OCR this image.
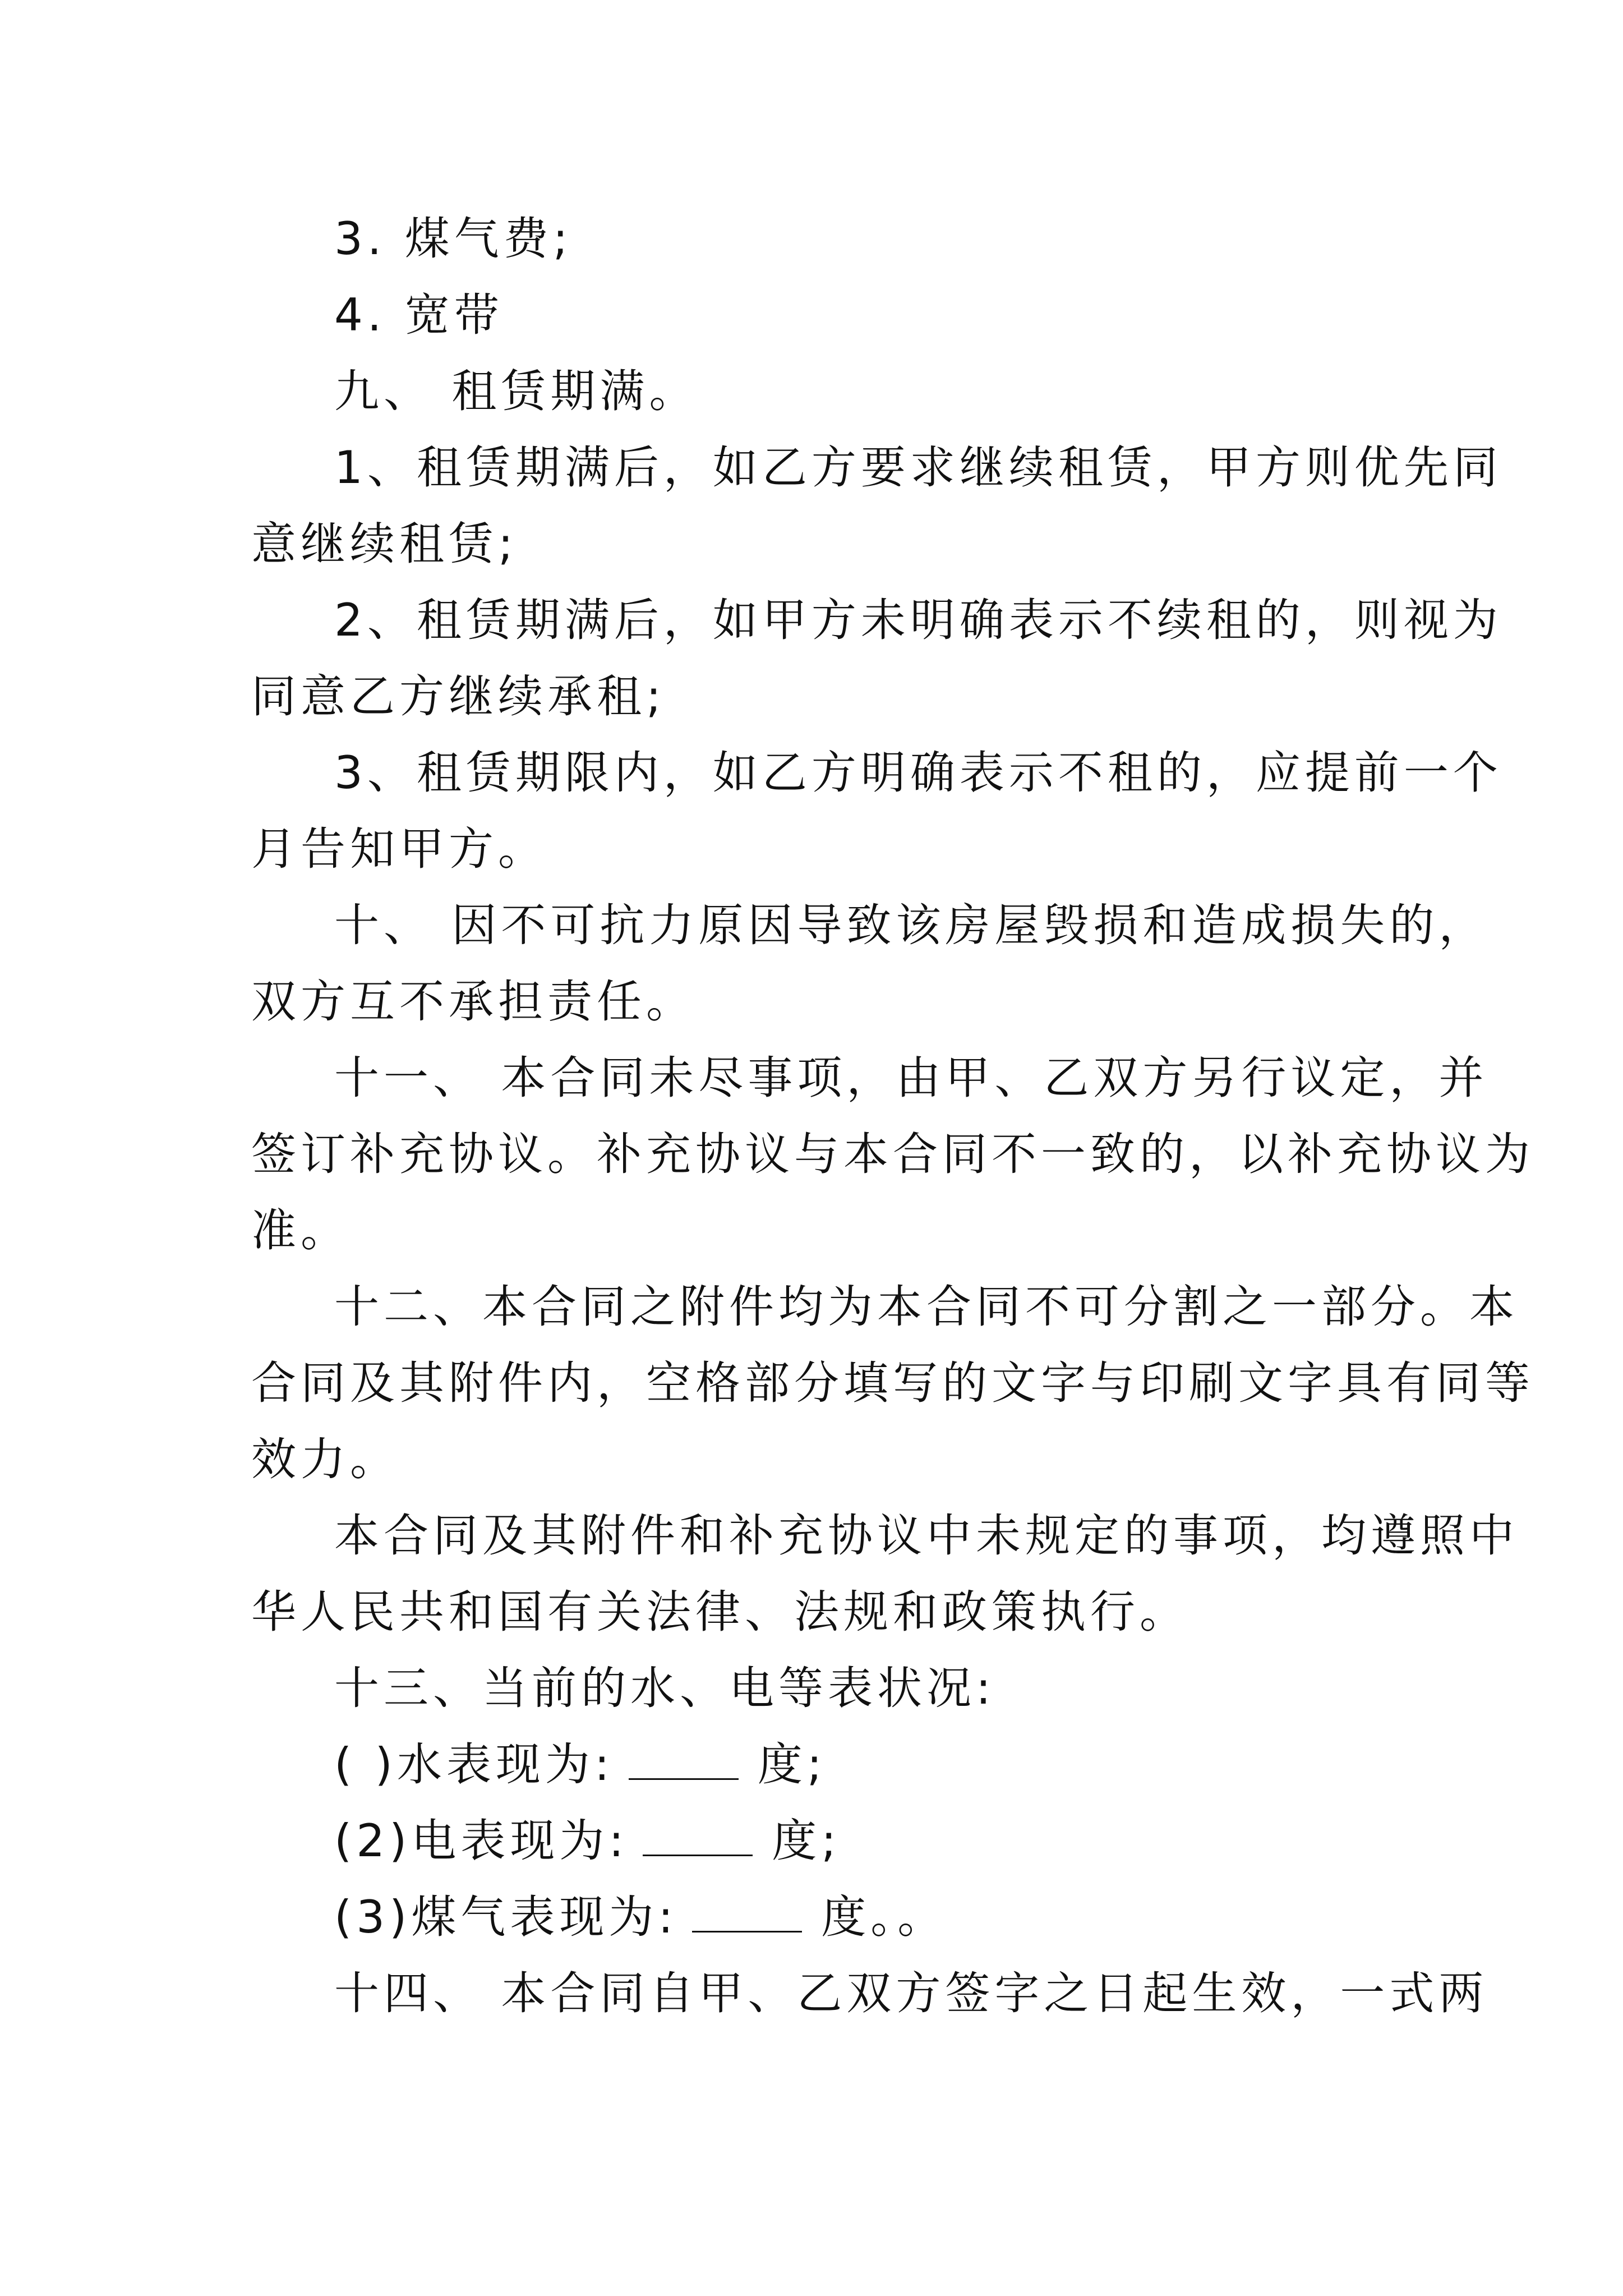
3. 煤气费;

4. 宽带

九、 租赁期满。

1、租赁期满后，如乙方要求继续租赁，甲方则优先同

意继续租赁;

2、租赁期满后，如甲方未明确表示不续租的，则视为

同意乙方继续承租;

3、租赁期限内，如乙方明确表示不租的，应提前一个

月告知甲方。

十、 因不可抗力原因导致该房屋毁损和造成损失的，

双方互不承担责任。

十一、 本合同未尽事项，由甲、乙双方另行议定，并

签订补充协议。补充协议与本合同不一致的，以补充协议为

准。

十二、本合同之附件均为本合同不可分割之一部分。本

合同及其附件内，空格部分填写的文字与印刷文字具有同等

效力。

本合同及其附件和补充协议中未规定的事项，均遵照中

华人民共和国有关法律、法规和政策执行。

十三、当前的水、电等表状况:

( )水表现为:	度;

(2)电表现为:	度;

(3)煤气表现为:	度。。

十四、 本合同自甲、乙双方签字之日起生效，一式两
